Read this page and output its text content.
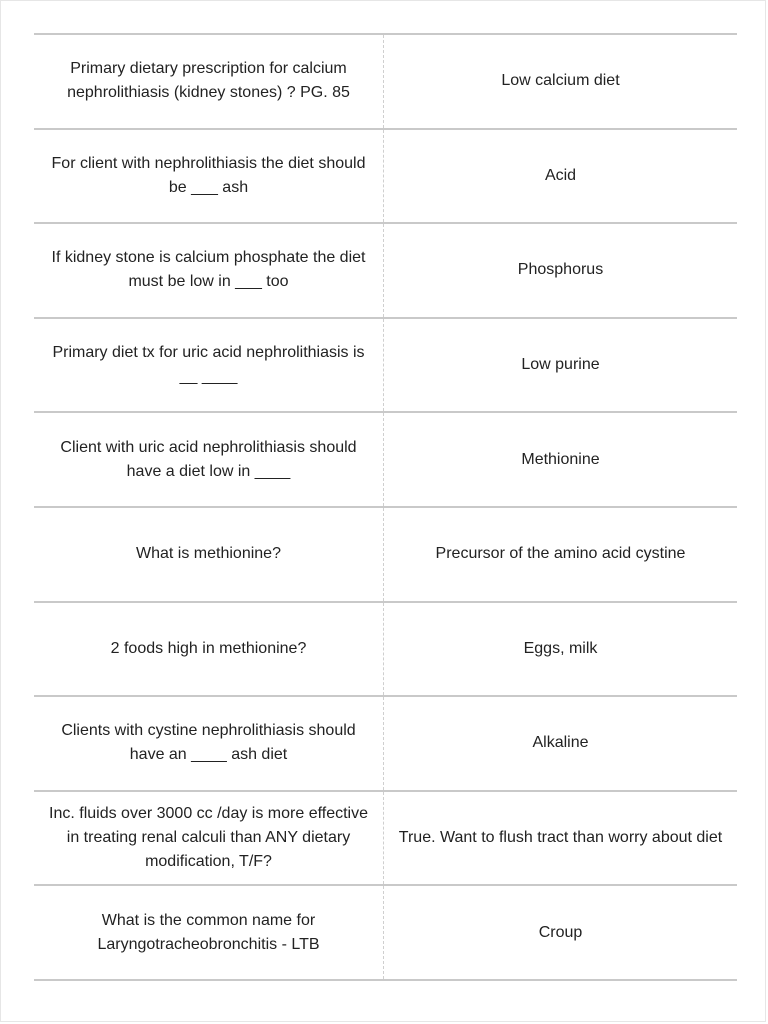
Primary dietary prescription for calcium nephrolithiasis (kidney stones) ? PG. 85
Low calcium diet
For client with nephrolithiasis the diet should be ___ ash
Acid
If kidney stone is calcium phosphate the diet must be low in ___ too
Phosphorus
Primary diet tx for uric acid nephrolithiasis is __ ____
Low purine
Client with uric acid nephrolithiasis should have a diet low in ____
Methionine
What is methionine?	Precursor of the amino acid cystine
2 foods high in methionine?	Eggs, milk
Clients with cystine nephrolithiasis should have an ____ ash diet
Alkaline
Inc. fluids over 3000 cc /day is more effective in treating renal calculi than ANY dietary modification, T/F?
True. Want to flush tract than worry about diet
What is the common name for Laryngotracheobronchitis - LTB
Croup
